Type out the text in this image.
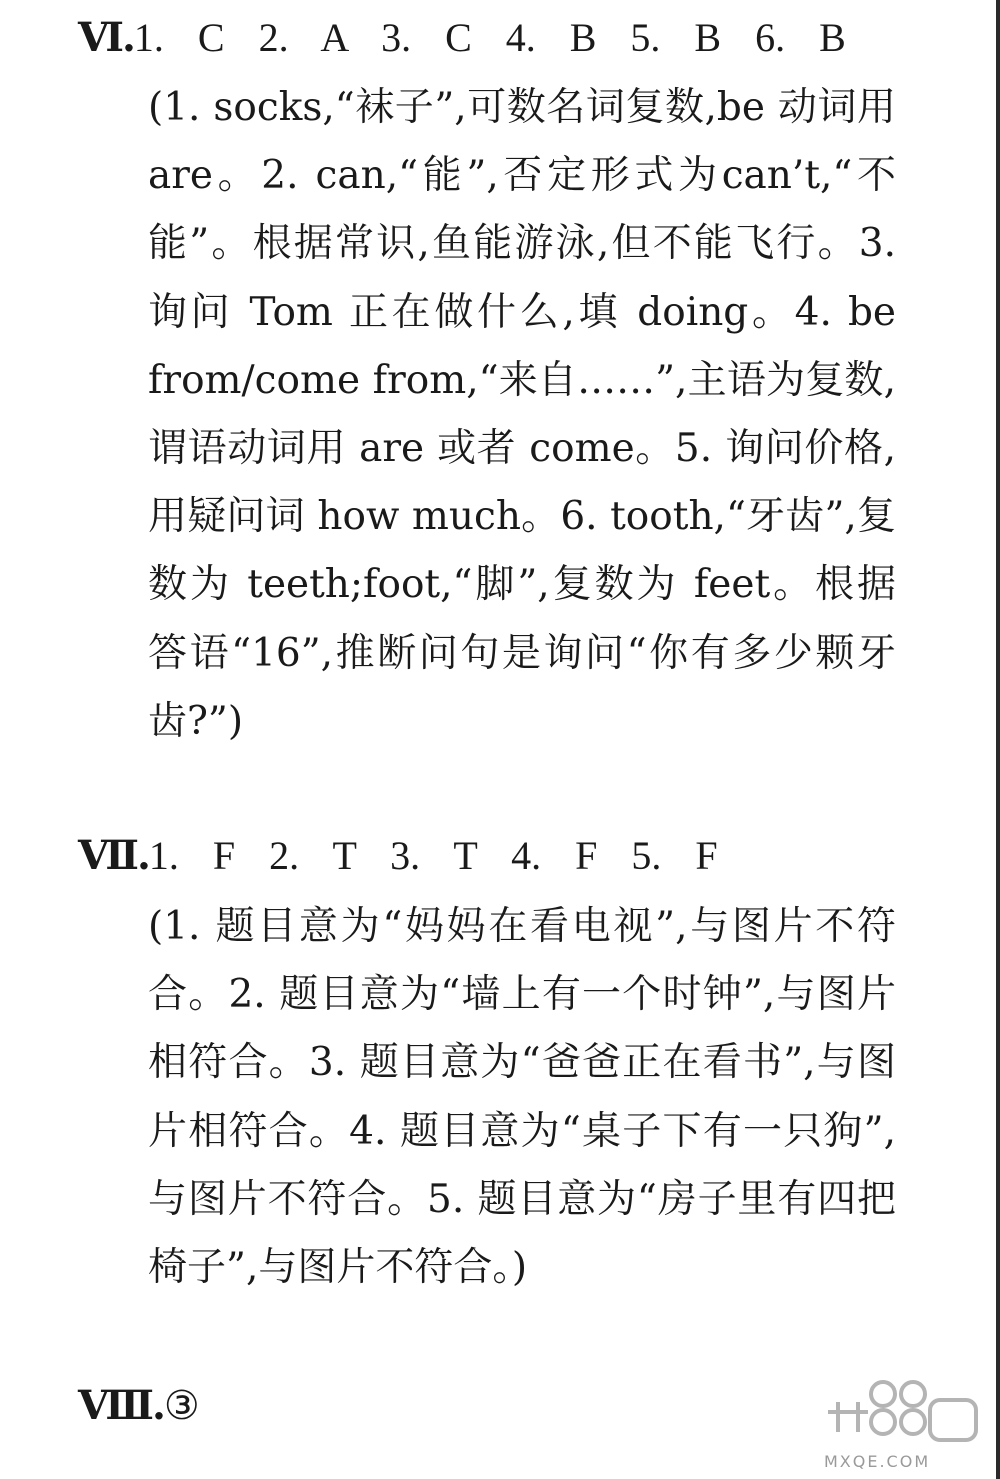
Ⅵ.1. C 2. A 3. C 4. B 5. B 6. B
(1. socks,“袜子”,可数名词复数,be 动词用 are。2. can,“能”,否定形式为can’t,“不能”。根据常识,鱼能游泳,但不能飞行。3. 询问 Tom 正在做什么,填 doing。4. be from/come from,“来自……”,主语为复数,谓语动词用 are 或者 come。5. 询问价格,用疑问词 how much。6. tooth,“牙齿”,复数为 teeth;foot,“脚”,复数为 feet。根据答语“16”,推断问句是询问“你有多少颗牙齿?”)
Ⅶ.1. F 2. T 3. T 4. F 5. F
(1. 题目意为“妈妈在看电视”,与图片不符合。2. 题目意为“墙上有一个时钟”,与图片相符合。3. 题目意为“爸爸正在看书”,与图片相符合。4. 题目意为“桌子下有一只狗”,与图片不符合。5. 题目意为“房子里有四把椅子”,与图片不符合。)
Ⅷ.③
MXQE.COM
